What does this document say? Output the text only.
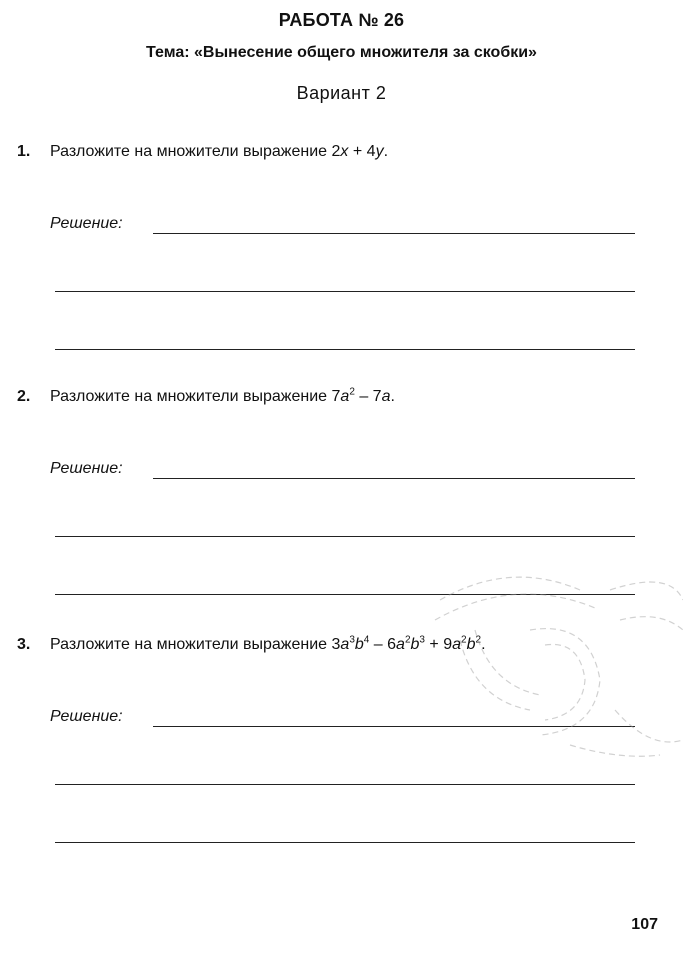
РАБОТА № 26
Тема: «Вынесение общего множителя за скобки»
Вариант 2
1. Разложите на множители выражение 2x + 4y.
Решение:
2. Разложите на множители выражение $7a^2 - 7a$.
Решение:
3. Разложите на множители выражение $3a^3b^4 - 6a^2b^3 + 9a^2b^2$.
Решение:
107
